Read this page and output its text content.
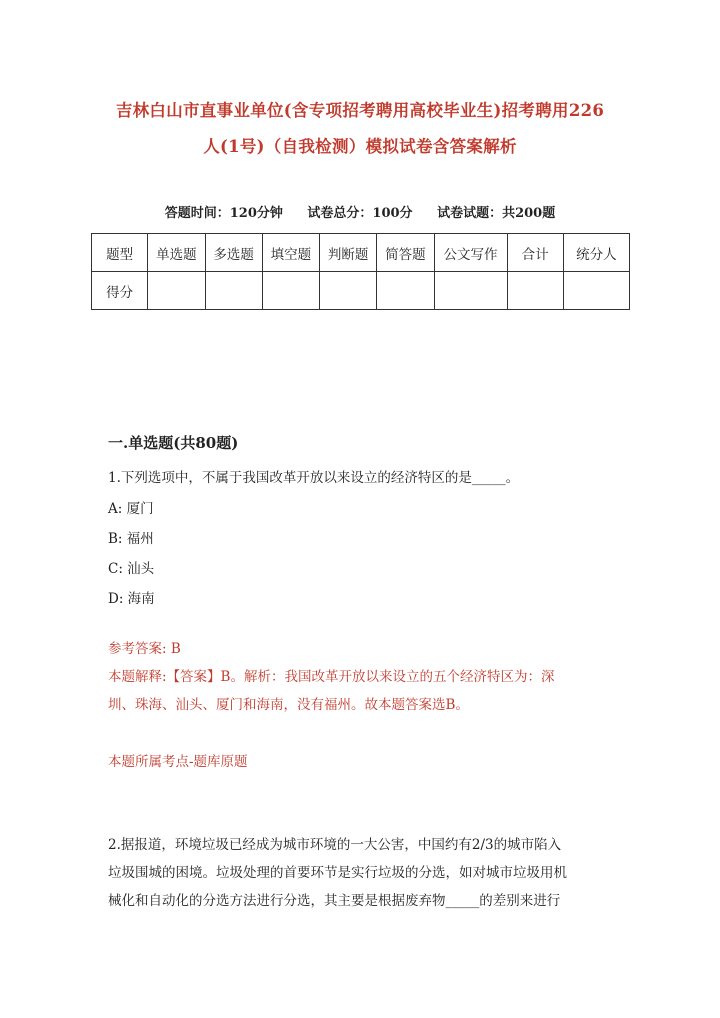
吉林白山市直事业单位(含专项招考聘用高校毕业生)招考聘用226
人(1号)（自我检测）模拟试卷含答案解析
答题时间：120分钟 试卷总分：100分 试卷试题：共200题
题型	单选题	多选题	填空题	判断题	简答题	公文写作	合计	统分人
得分								
一.单选题(共80题)
1.下列选项中，不属于我国改革开放以来设立的经济特区的是_____。
A: 厦门
B: 福州
C: 汕头
D: 海南
参考答案: B
本题解释:【答案】B。解析：我国改革开放以来设立的五个经济特区为：深
圳、珠海、汕头、厦门和海南，没有福州。故本题答案选B。
本题所属考点-题库原题
2.据报道，环境垃圾已经成为城市环境的一大公害，中国约有2/3的城市陷入
垃圾围城的困境。垃圾处理的首要环节是实行垃圾的分选，如对城市垃圾用机
械化和自动化的分选方法进行分选，其主要是根据废弃物_____的差别来进行
